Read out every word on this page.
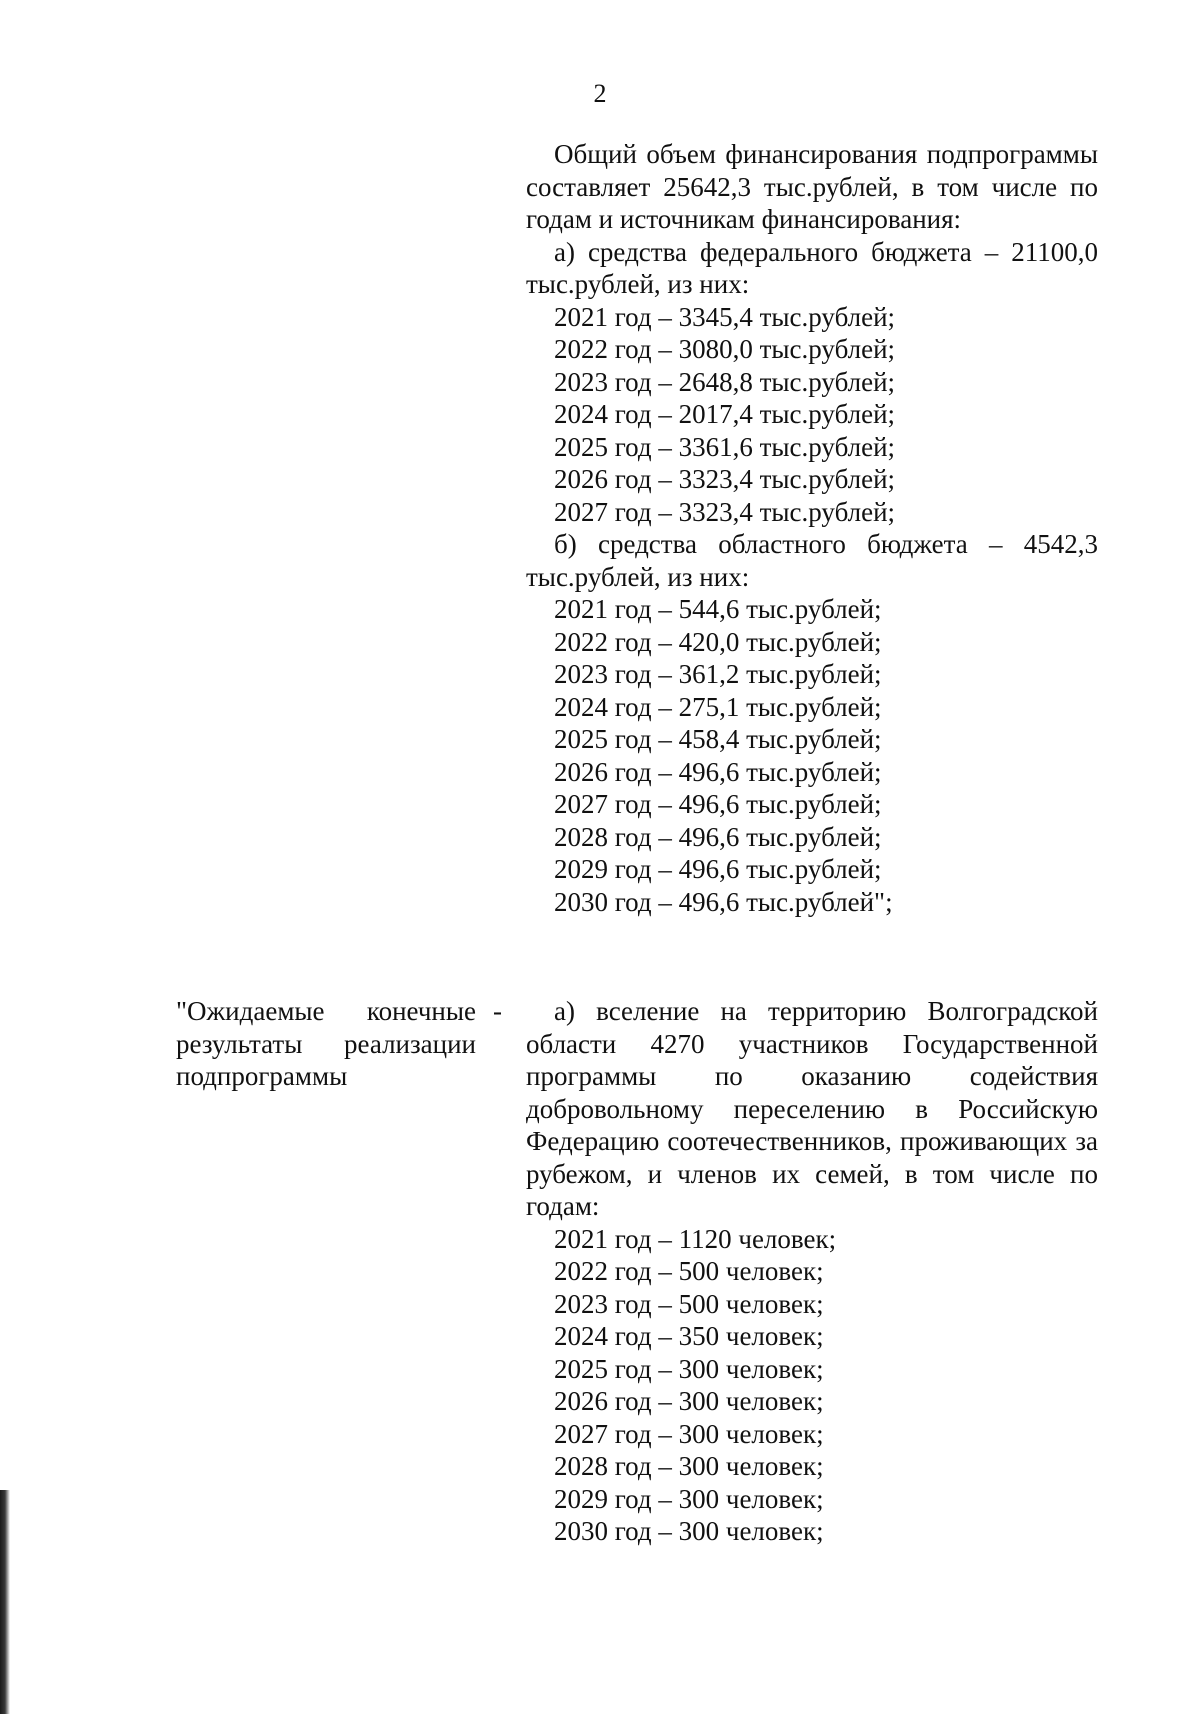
2

Общий объем финансирования подпрограммы составляет 25642,3 тыс.рублей, в том числе по годам и источникам финансирования:

а) средства федерального бюджета – 21100,0 тыс.рублей, из них:

2021 год – 3345,4 тыс.рублей;

2022 год – 3080,0 тыс.рублей;

2023 год – 2648,8 тыс.рублей;

2024 год – 2017,4 тыс.рублей;

2025 год – 3361,6 тыс.рублей;

2026 год – 3323,4 тыс.рублей;

2027 год – 3323,4 тыс.рублей;

б) средства областного бюджета – 4542,3 тыс.рублей, из них:

2021 год – 544,6 тыс.рублей;

2022 год – 420,0 тыс.рублей;

2023 год – 361,2 тыс.рублей;

2024 год – 275,1 тыс.рублей;

2025 год – 458,4 тыс.рублей;

2026 год – 496,6 тыс.рублей;

2027 год – 496,6 тыс.рублей;

2028 год – 496,6 тыс.рублей;

2029 год – 496,6 тыс.рублей;

2030 год – 496,6 тыс.рублей";

"Ожидаемые конечные результаты реализации подпрограммы

-	а) вселение на территорию Волгоградской области 4270 участников Государственной программы по оказанию содействия добровольному переселению в Российскую Федерацию соотечественников, проживающих за рубежом, и членов их семей, в том числе по годам:

2021 год – 1120 человек;

2022 год – 500 человек;

2023 год – 500 человек;

2024 год – 350 человек;

2025 год – 300 человек;

2026 год – 300 человек;

2027 год – 300 человек;

2028 год – 300 человек;

2029 год – 300 человек;

2030 год – 300 человек;
